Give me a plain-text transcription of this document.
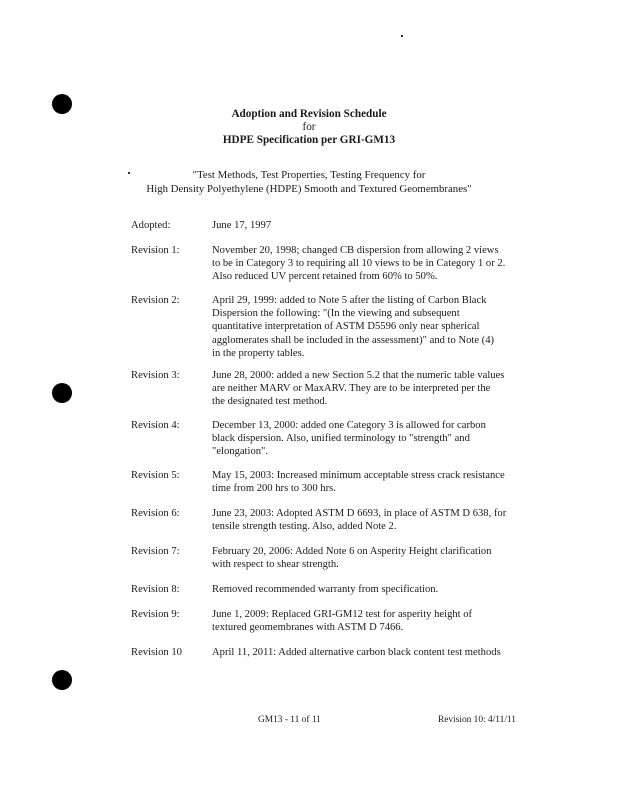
Adoption and Revision Schedule
for
HDPE Specification per GRI-GM13
"Test Methods, Test Properties, Testing Frequency for
High Density Polyethylene (HDPE) Smooth and Textured Geomembranes"
Adopted:	June 17, 1997
Revision 1:	November 20, 1998; changed CB dispersion from allowing 2 views
to be in Category 3 to requiring all 10 views to be in Category 1 or 2.
Also reduced UV percent retained from 60% to 50%.
Revision 2:	April 29, 1999: added to Note 5 after the listing of Carbon Black
Dispersion the following: "(In the viewing and subsequent
quantitative interpretation of ASTM D5596 only near spherical
agglomerates shall be included in the assessment)" and to Note (4)
in the property tables.
Revision 3:	June 28, 2000: added a new Section 5.2 that the numeric table values
are neither MARV or MaxARV. They are to be interpreted per the
the designated test method.
Revision 4:	December 13, 2000: added one Category 3 is allowed for carbon
black dispersion. Also, unified terminology to "strength" and
"elongation".
Revision 5:	May 15, 2003: Increased minimum acceptable stress crack resistance
time from 200 hrs to 300 hrs.
Revision 6:	June 23, 2003: Adopted ASTM D 6693, in place of ASTM D 638, for
tensile strength testing. Also, added Note 2.
Revision 7:	February 20, 2006: Added Note 6 on Asperity Height clarification
with respect to shear strength.
Revision 8:	Removed recommended warranty from specification.
Revision 9:	June 1, 2009: Replaced GRI-GM12 test for asperity height of
textured geomembranes with ASTM D 7466.
Revision 10	April 11, 2011: Added alternative carbon black content test methods
GM13 - 11 of 11	Revision 10: 4/11/11
